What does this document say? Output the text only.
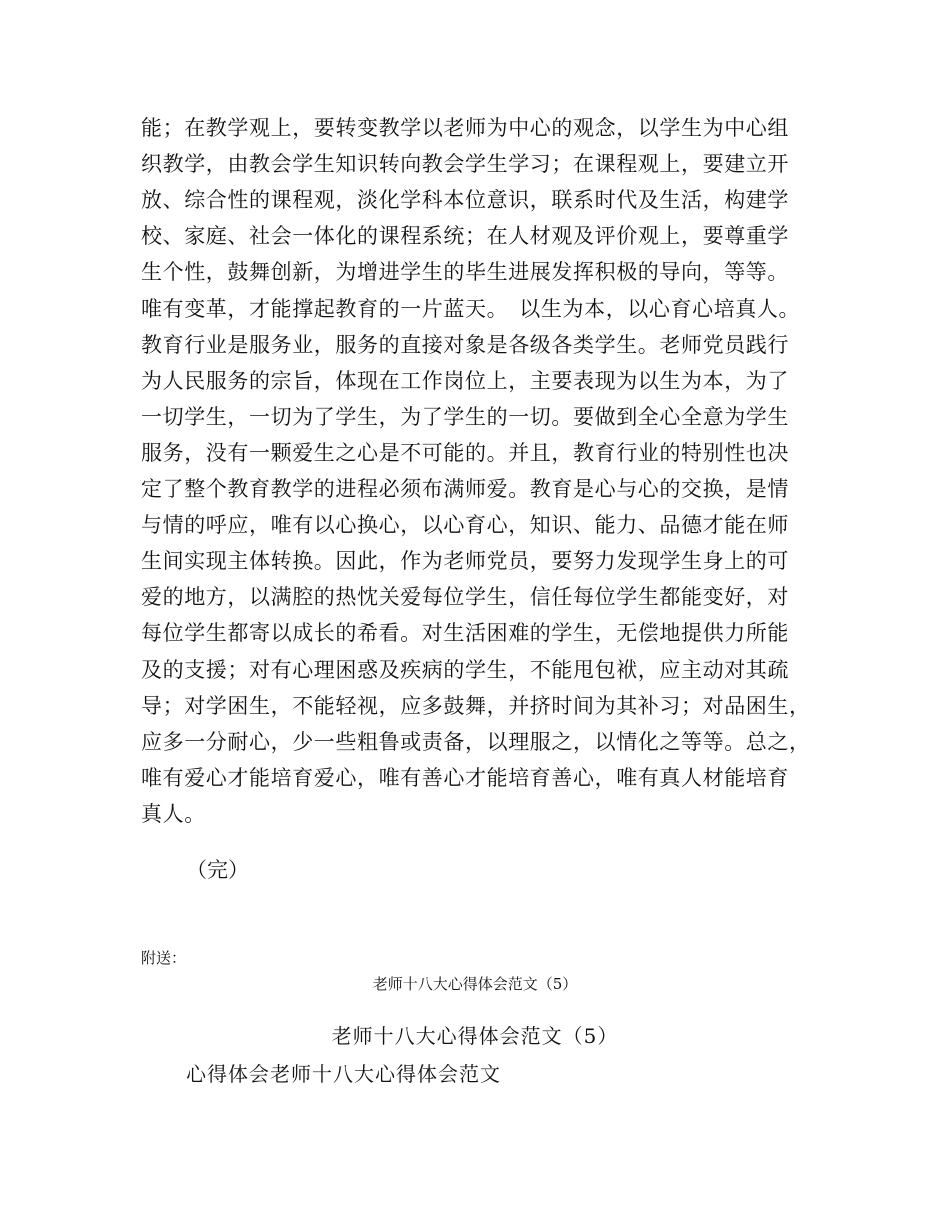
能；在教学观上，要转变教学以老师为中心的观念，以学生为中心组
织教学，由教会学生知识转向教会学生学习；在课程观上，要建立开
放、综合性的课程观，淡化学科本位意识，联系时代及生活，构建学
校、家庭、社会一体化的课程系统；在人材观及评价观上，要尊重学
生个性，鼓舞创新，为增进学生的毕生进展发挥积极的导向，等等。
唯有变革，才能撑起教育的一片蓝天。　以生为本，以心育心培真人。
教育行业是服务业，服务的直接对象是各级各类学生。老师党员践行
为人民服务的宗旨，体现在工作岗位上，主要表现为以生为本，为了
一切学生，一切为了学生，为了学生的一切。要做到全心全意为学生
服务，没有一颗爱生之心是不可能的。并且，教育行业的特别性也决
定了整个教育教学的进程必须布满师爱。教育是心与心的交换，是情
与情的呼应，唯有以心换心，以心育心，知识、能力、品德才能在师
生间实现主体转换。因此，作为老师党员，要努力发现学生身上的可
爱的地方，以满腔的热忱关爱每位学生，信任每位学生都能变好，对
每位学生都寄以成长的希看。对生活困难的学生，无偿地提供力所能
及的支援；对有心理困惑及疾病的学生，不能甩包袱，应主动对其疏
导；对学困生，不能轻视，应多鼓舞，并挤时间为其补习；对品困生，
应多一分耐心，少一些粗鲁或责备，以理服之，以情化之等等。总之，
唯有爱心才能培育爱心，唯有善心才能培育善心，唯有真人材能培育
真人。
（完）
附送：
老师十八大心得体会范文（5）
老师十八大心得体会范文（5）
心得体会老师十八大心得体会范文
